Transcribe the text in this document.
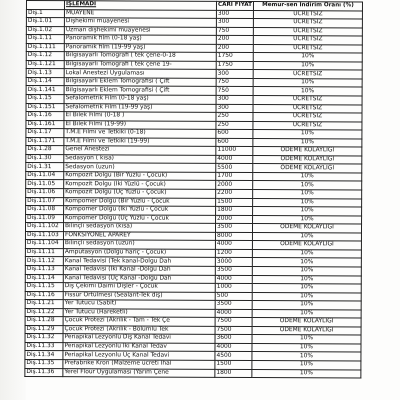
	İŞLEMADI	CARİ FİYAT	Memur-sen İndirim Oranı (%)
Diş.1	MUAYENE	300	ÜCRETSİZ
Diş.1.01	Dişhekimi muayenesi	300	ÜCRETSİZ
Diş.1.02	Uzman dişhekimi muayenesi	750	ÜCRETSİZ
Diş.1.11	Panoramik film (0-18 yaş)	200	ÜCRETSİZ
Diş.1.111	Panoramik film (19-99 yaş)	200	ÜCRETSİZ
Diş.1.12	Bilgisayarlı Tomografi ( tek çene-0-18	1750	10%
Diş.1.121	Bilgisayarlı Tomografi ( tek çene 19-	1750	10%
Diş.1.13	Lokal Anestezi Uygulaması	300	ÜCRETSİZ
Diş.1.14	Bilgisayarlı Eklem Tomografisi ( Çift	750	10%
Diş.1.141	Bilgisayarlı Eklem Tomografisi ( Çift	750	10%
Diş.1.15	Sefalometrik Film (0-18 yaş)	300	ÜCRETSİZ
Diş.1.151	Sefalometrik Film (19-99 yaş)	300	ÜCRETSİZ
Diş.1.16	El Bilek Filmi (0-18 )	250	ÜCRETSİZ
Diş.1.161	El Bilek Filmi (19-99)	250	ÜCRETSİZ
Diş.1.17	T.M.E Filmi ve Tetkiki (0-18)	600	10%
Diş.1.171	T.M.E Filmi ve Tetkiki (19-99)	600	10%
Diş.1.28	Genel Anestezi	11000	ÖDEME KOLAYLIĞI
Diş.1.30	Sedasyon ( kısa)	4000	ÖDEME KOLAYLIĞI
Diş.1.31	Sedasyon (uzun)	5500	ÖDEME KOLAYLIĞI
Diş.11.04	Kompozit Dolgu (Bir Yüzlü - Çocuk)	1700	10%
Diş.11.05	Kompozit Dolgu (İki Yüzlü - Çocuk)	2000	10%
Diş.11.06	Kompozit Dolgu (Üç Yüzlü - Çocuk)	2200	10%
Diş.11.07	Kompomer Dolgu (Bir Yüzlü - Çocuk	1500	10%
Diş.11.08	Kompomer Dolgu (İki Yüzlü - Çocuk	1800	10%
Diş.11.09	Kompomer Dolgu (Üç Yüzlü - Çocuk	2000	10%
Diş.11.102	Bilinçli sedasyon (kısa)	3500	ÖDEME KOLAYLIĞI
Diş.11.103	FONKSİYONEL APAREY	8000	10%
Diş.11.104	Bilinçli sedasyon (uzun)	4000	ÖDEME KOLAYLIĞI
Diş.11.11	Amputasyon (Dolgu hariç - Çocuk)	1200	10%
Diş.11.12	Kanal Tedavisi (Tek kanal-Dolgu Dah	3000	10%
Diş.11.13	Kanal Tedavisi (İki Kanal -Dolgu Dah	3500	10%
Diş.11.14	Kanal Tedavisi (Üç Kanal -Dolgu Dah	4000	10%
Diş.11.15	Diş Çekimi Daimi Dişler - Çocuk	1000	10%
Diş.11.16	Fissür Örtülmesi (Sealant-Tek diş)	500	10%
Diş.11.21	Yer Tutucu (Sabit)	3500	10%
Diş.11.22	Yer Tutucu (Hareketli)	4000	10%
Diş.11.28	Çocuk Protezi (Akrilik - Tam - Tek Çe	7500	ÖDEME KOLAYLIĞI
Diş.11.29	Çocuk Protezi (Akrilik - Bölümlü Tek	7500	ÖDEME KOLAYLIĞI
Diş.11.32	Periapikal Lezyonlu Diş Kanal Tedavi	3600	10%
Diş.11.33	Periapikal Lezyonlu İki Kanal Tedav	4000	10%
Diş.11.34	Periapikal Lezyonlu Üç Kanal Tedavi	4500	10%
Diş.11.35	Prefabrike Kron (Malzeme ücreti İhal	1500	10%
Diş.11.36	Yerel Flour Uygulaması (Yarım Çene	1800	10%
